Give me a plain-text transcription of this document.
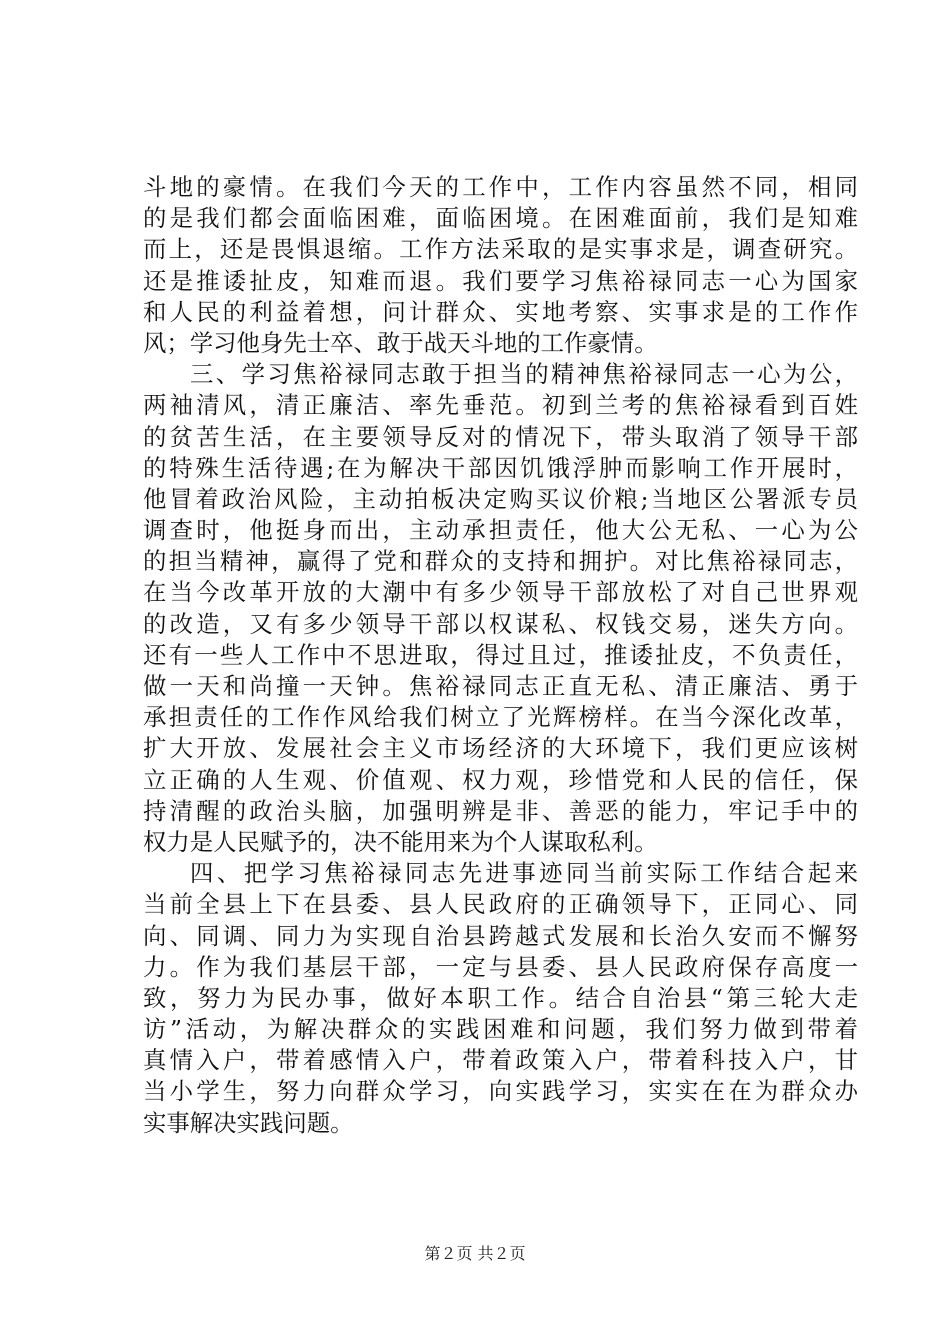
斗地的豪情。在我们今天的工作中，工作内容虽然不同，相同
的是我们都会面临困难，面临困境。在困难面前，我们是知难
而上，还是畏惧退缩。工作方法采取的是实事求是，调查研究。
还是推诿扯皮，知难而退。我们要学习焦裕禄同志一心为国家
和人民的利益着想，问计群众、实地考察、实事求是的工作作
风；学习他身先士卒、敢于战天斗地的工作豪情。
三、学习焦裕禄同志敢于担当的精神焦裕禄同志一心为公，
两袖清风，清正廉洁、率先垂范。初到兰考的焦裕禄看到百姓
的贫苦生活，在主要领导反对的情况下，带头取消了领导干部
的特殊生活待遇;在为解决干部因饥饿浮肿而影响工作开展时，
他冒着政治风险，主动拍板决定购买议价粮;当地区公署派专员
调查时，他挺身而出，主动承担责任，他大公无私、一心为公
的担当精神，赢得了党和群众的支持和拥护。对比焦裕禄同志，
在当今改革开放的大潮中有多少领导干部放松了对自己世界观
的改造，又有多少领导干部以权谋私、权钱交易，迷失方向。
还有一些人工作中不思进取，得过且过，推诿扯皮，不负责任，
做一天和尚撞一天钟。焦裕禄同志正直无私、清正廉洁、勇于
承担责任的工作作风给我们树立了光辉榜样。在当今深化改革，
扩大开放、发展社会主义市场经济的大环境下，我们更应该树
立正确的人生观、价值观、权力观，珍惜党和人民的信任，保
持清醒的政治头脑，加强明辨是非、善恶的能力，牢记手中的
权力是人民赋予的，决不能用来为个人谋取私利。
四、把学习焦裕禄同志先进事迹同当前实际工作结合起来
当前全县上下在县委、县人民政府的正确领导下，正同心、同
向、同调、同力为实现自治县跨越式发展和长治久安而不懈努
力。作为我们基层干部，一定与县委、县人民政府保存高度一
致，努力为民办事，做好本职工作。结合自治县“第三轮大走
访”活动，为解决群众的实践困难和问题，我们努力做到带着
真情入户，带着感情入户，带着政策入户，带着科技入户，甘
当小学生，努力向群众学习，向实践学习，实实在在为群众办
实事解决实践问题。
第２页 共２页
